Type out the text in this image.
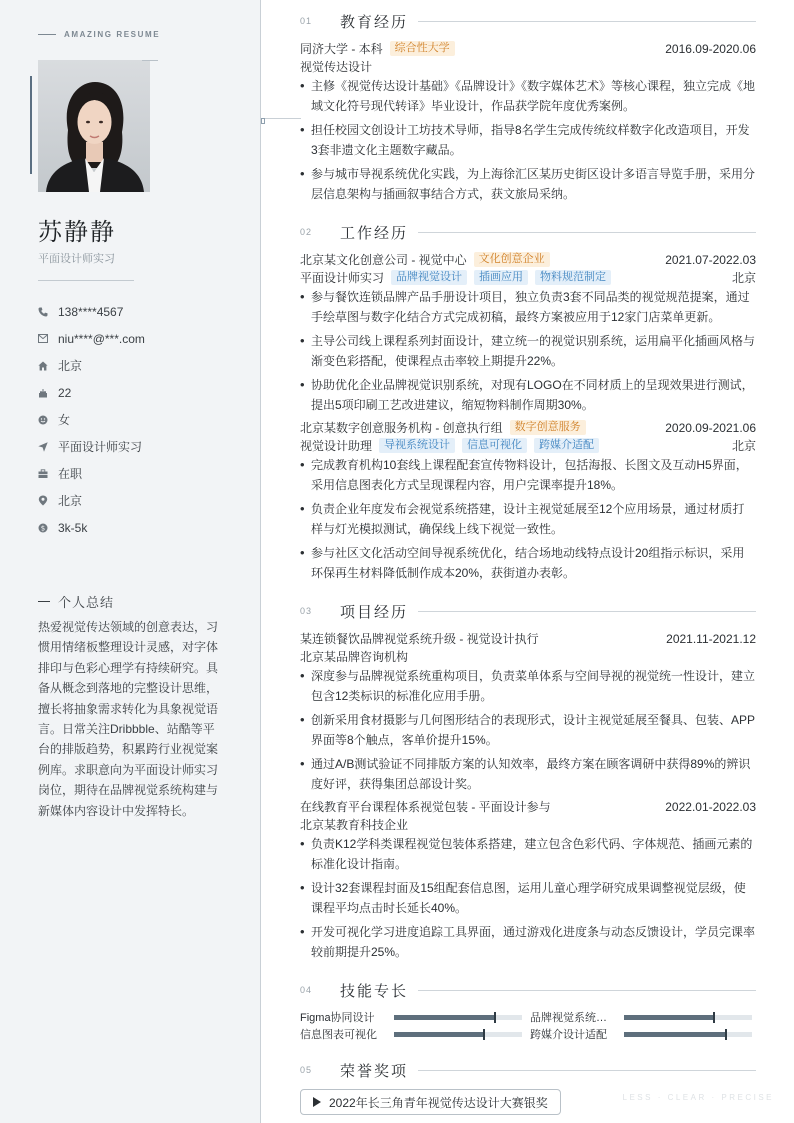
AMAZING RESUME
苏静静
平面设计师实习
138****4567
niu****@***.com
北京
22
女
平面设计师实习
在职
北京
$ 3k-5k
个人总结
热爱视觉传达领域的创意表达，习惯用情绪板整理设计灵感，对字体排印与色彩心理学有持续研究。具备从概念到落地的完整设计思维，擅长将抽象需求转化为具象视觉语言。日常关注Dribbble、站酷等平台的排版趋势，积累跨行业视觉案例库。求职意向为平面设计师实习岗位，期待在品牌视觉系统构建与新媒体内容设计中发挥特长。
01	教育经历
同济大学 - 本科	综合性大学	2016.09-2020.06
视觉传达设计
• 主修《视觉传达设计基础》《品牌设计》《数字媒体艺术》等核心课程，独立完成《地域文化符号现代转译》毕业设计，作品获学院年度优秀案例。
• 担任校园文创设计工坊技术导师，指导8名学生完成传统纹样数字化改造项目，开发3套非遗文化主题数字藏品。
• 参与城市导视系统优化实践，为上海徐汇区某历史街区设计多语言导览手册，采用分层信息架构与插画叙事结合方式，获文旅局采纳。
02	工作经历
北京某文化创意公司 - 视觉中心	文化创意企业	2021.07-2022.03
平面设计师实习	品牌视觉设计	插画应用	物料规范制定	北京
• 参与餐饮连锁品牌产品手册设计项目，独立负责3套不同品类的视觉规范提案，通过手绘草图与数字化结合方式完成初稿，最终方案被应用于12家门店菜单更新。
• 主导公司线上课程系列封面设计，建立统一的视觉识别系统，运用扁平化插画风格与渐变色彩搭配，使课程点击率较上期提升22%。
• 协助优化企业品牌视觉识别系统，对现有LOGO在不同材质上的呈现效果进行测试，提出5项印刷工艺改进建议，缩短物料制作周期30%。
北京某数字创意服务机构 - 创意执行组	数字创意服务	2020.09-2021.06
视觉设计助理	导视系统设计	信息可视化	跨媒介适配	北京
• 完成教育机构10套线上课程配套宣传物料设计，包括海报、长图文及互动H5界面，采用信息图表化方式呈现课程内容，用户完课率提升18%。
• 负责企业年度发布会视觉系统搭建，设计主视觉延展至12个应用场景，通过材质打样与灯光模拟测试，确保线上线下视觉一致性。
• 参与社区文化活动空间导视系统优化，结合场地动线特点设计20组指示标识，采用环保再生材料降低制作成本20%，获街道办表彰。
03	项目经历
某连锁餐饮品牌视觉系统升级 - 视觉设计执行	2021.11-2021.12
北京某品牌咨询机构
• 深度参与品牌视觉系统重构项目，负责菜单体系与空间导视的视觉统一性设计，建立包含12类标识的标准化应用手册。
• 创新采用食材摄影与几何图形结合的表现形式，设计主视觉延展至餐具、包装、APP界面等8个触点，客单价提升15%。
• 通过A/B测试验证不同排版方案的认知效率，最终方案在顾客调研中获得89%的辨识度好评，获得集团总部设计奖。
在线教育平台课程体系视觉包装 - 平面设计参与	2022.01-2022.03
北京某教育科技企业
• 负责K12学科类课程视觉包装体系搭建，建立包含色彩代码、字体规范、插画元素的标准化设计指南。
• 设计32套课程封面及15组配套信息图，运用儿童心理学研究成果调整视觉层级，使课程平均点击时长延长40%。
• 开发可视化学习进度追踪工具界面，通过游戏化进度条与动态反馈设计，学员完课率较前期提升25%。
04	技能专长
Figma协同设计	品牌视觉系统…
信息图表可视化	跨媒介设计适配
05	荣誉奖项
2022年长三角青年视觉传达设计大赛银奖	LESS · CLEAR · PRECISE
